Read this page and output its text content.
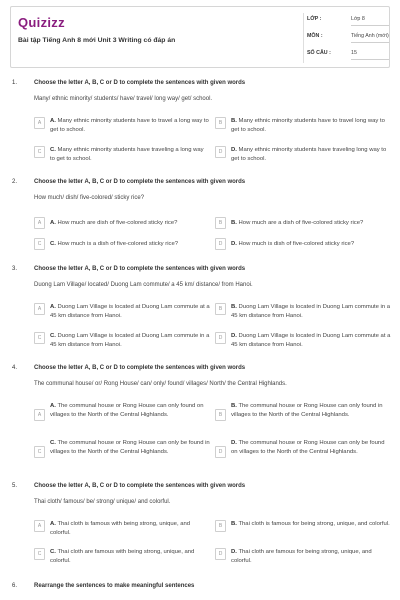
Quizizz
Bài tập Tiếng Anh 8 mới Unit 3 Writing có đáp án
LỚP :	Lớp 8
MÔN :	Tiếng Anh (mới)
SỐ CÂU :	15
1.	Choose the letter A, B, C or D to complete the sentences with given words
Many/ ethnic minority/ students/ have/ travel/ long way/ get/ school.
A	A. Many ethnic minority students have to travel a long way to get to school.
B	B. Many ethnic minority students have to travel long way to get to school.
C	C. Many ethnic minority students have traveling a long way to get to school.
D	D. Many ethnic minority students have traveling long way to get to school.
2.	Choose the letter A, B, C or D to complete the sentences with given words
How much/ dish/ five-colored/ sticky rice?
A	A. How much are dish of five-colored sticky rice?	B	B. How much are a dish of five-colored sticky rice?
C	C. How much is a dish of five-colored sticky rice?	D	D. How much is dish of five-colored sticky rice?
3.	Choose the letter A, B, C or D to complete the sentences with given words
Duong Lam Village/ located/ Duong Lam commute/ a 45 km/ distance/ from Hanoi.
A	A. Duong Lam Village is located at Duong Lam commute at a 45 km distance from Hanoi.
B	B. Duong Lam Village is located in Duong Lam commute in a 45 km distance from Hanoi.
C	C. Duong Lam Village is located at Duong Lam commute in a 45 km distance from Hanoi.
D	D. Duong Lam Village is located in Duong Lam commute at a 45 km distance from Hanoi.
4.	Choose the letter A, B, C or D to complete the sentences with given words
The communal house/ or/ Rong House/ can/ only/ found/ villages/ North/ the Central Highlands.
A
A. The communal house or Rong House can only found on villages to the North of the Central Highlands.	B
B. The communal house or Rong House can only found in villages to the North of the Central Highlands.
C
C. The communal house or Rong House can only be found in villages to the North of the Central Highlands.	D
D. The communal house or Rong House can only be found on villages to the North of the Central Highlands.
5.	Choose the letter A, B, C or D to complete the sentences with given words
Thai cloth/ famous/ be/ strong/ unique/ and colorful.
A	A. Thai cloth is famous with being strong, unique, and colorful.
B	B. Thai cloth is famous for being strong, unique, and colorful.
C	C. Thai cloth are famous with being strong, unique, and colorful.
D	D. Thai cloth are famous for being strong, unique, and colorful.
6.	Rearrange the sentences to make meaningful sentences
